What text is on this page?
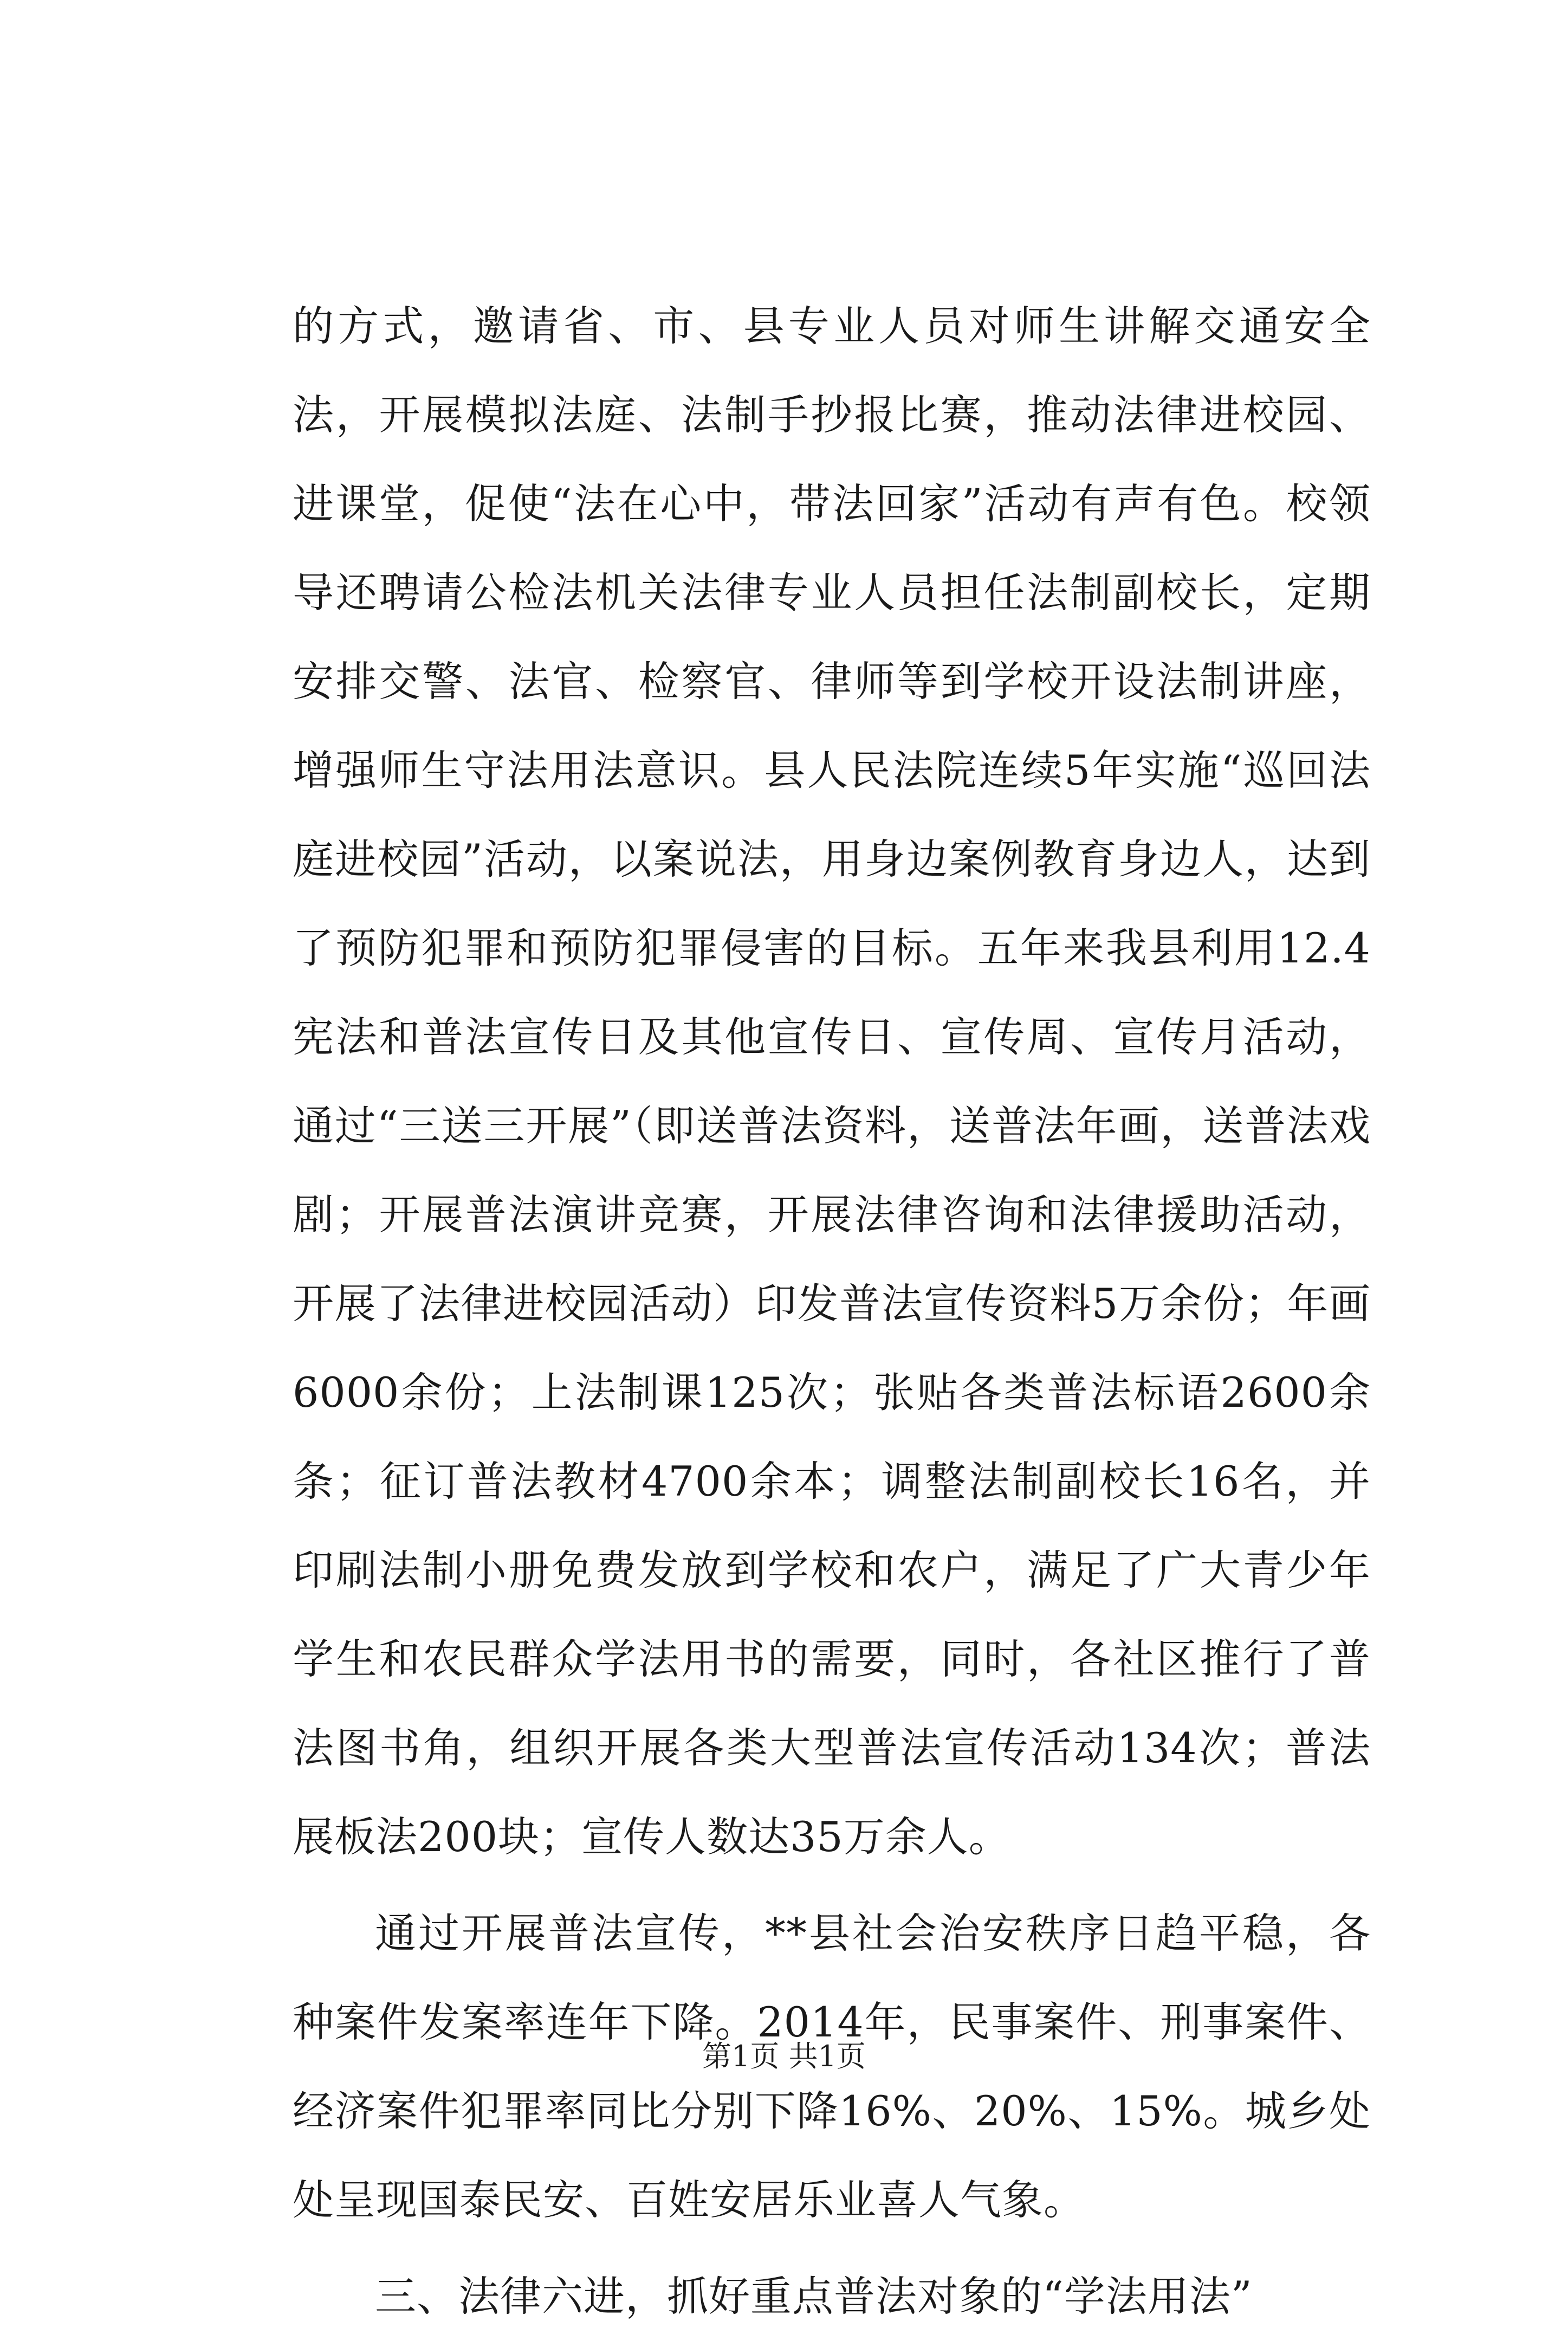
的方式，邀请省、市、县专业人员对师生讲解交通安全法，开展模拟法庭、法制手抄报比赛，推动法律进校园、进课堂，促使“法在心中，带法回家”活动有声有色。校领导还聘请公检法机关法律专业人员担任法制副校长，定期安排交警、法官、检察官、律师等到学校开设法制讲座，增强师生守法用法意识。县人民法院连续5年实施“巡回法庭进校园”活动，以案说法，用身边案例教育身边人，达到了预防犯罪和预防犯罪侵害的目标。五年来我县利用12.4宪法和普法宣传日及其他宣传日、宣传周、宣传月活动，通过“三送三开展”（即送普法资料，送普法年画，送普法戏剧；开展普法演讲竞赛，开展法律咨询和法律援助活动，开展了法律进校园活动）印发普法宣传资料5万余份；年画6000余份；上法制课125次；张贴各类普法标语2600余条；征订普法教材4700余本；调整法制副校长16名，并印刷法制小册免费发放到学校和农户，满足了广大青少年学生和农民群众学法用书的需要，同时，各社区推行了普法图书角，组织开展各类大型普法宣传活动134次；普法展板法200块；宣传人数达35万余人。

通过开展普法宣传，**县社会治安秩序日趋平稳，各种案件发案率连年下降。2014年，民事案件、刑事案件、经济案件犯罪率同比分别下降16%、20%、15%。城乡处处呈现国泰民安、百姓安居乐业喜人气象。

三、法律六进，抓好重点普法对象的“学法用法”

第1页 共1页
